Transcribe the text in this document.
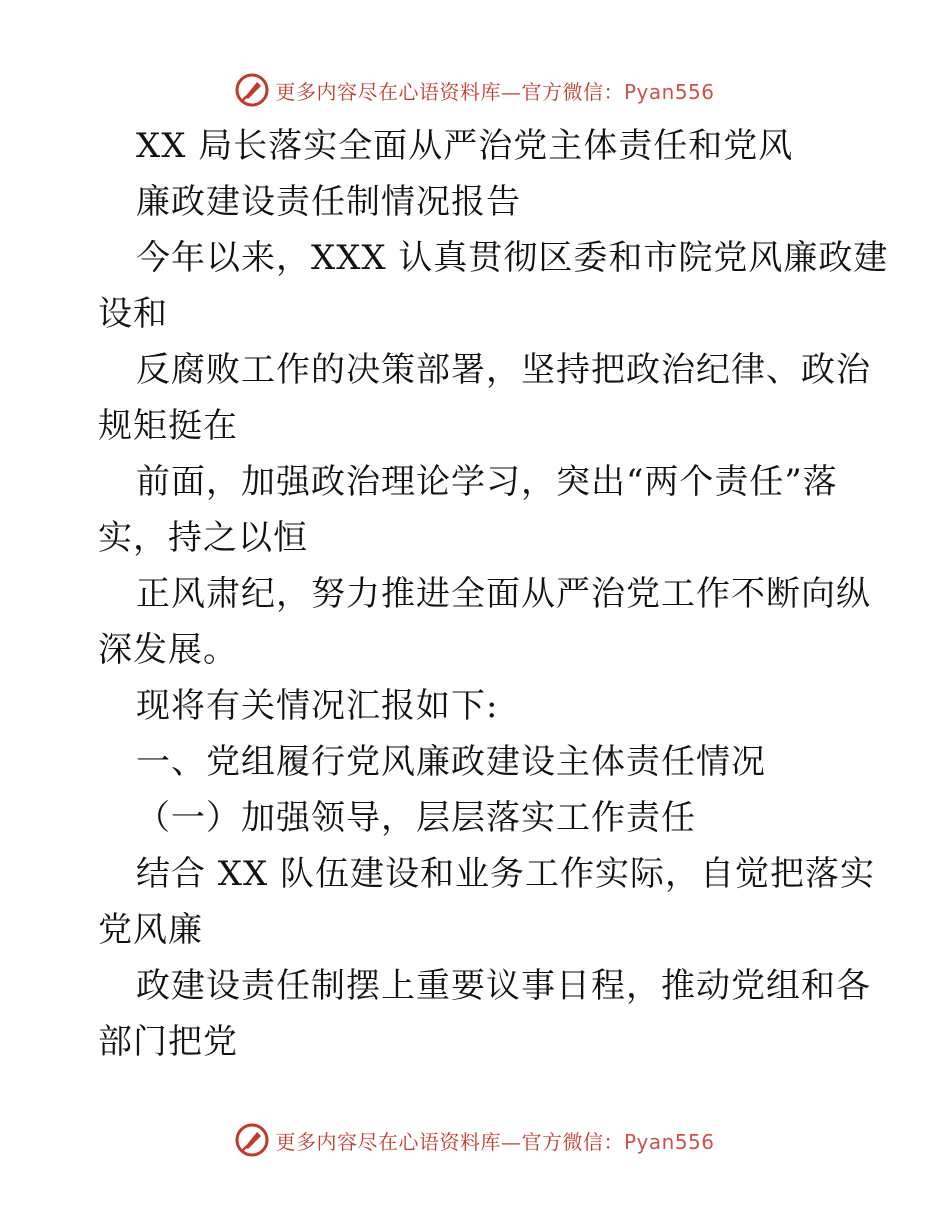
更多内容尽在心语资料库—官方微信：Pyan556
XX 局长落实全面从严治党主体责任和党风
廉政建设责任制情况报告
今年以来，XXX 认真贯彻区委和市院党风廉政建
设和
反腐败工作的决策部署，坚持把政治纪律、政治
规矩挺在
前面，加强政治理论学习，突出“两个责任”落
实，持之以恒
正风肃纪，努力推进全面从严治党工作不断向纵
深发展。
现将有关情况汇报如下:
一、党组履行党风廉政建设主体责任情况
（一）加强领导，层层落实工作责任
结合 XX 队伍建设和业务工作实际，自觉把落实
党风廉
政建设责任制摆上重要议事日程，推动党组和各
部门把党
更多内容尽在心语资料库—官方微信：Pyan556
